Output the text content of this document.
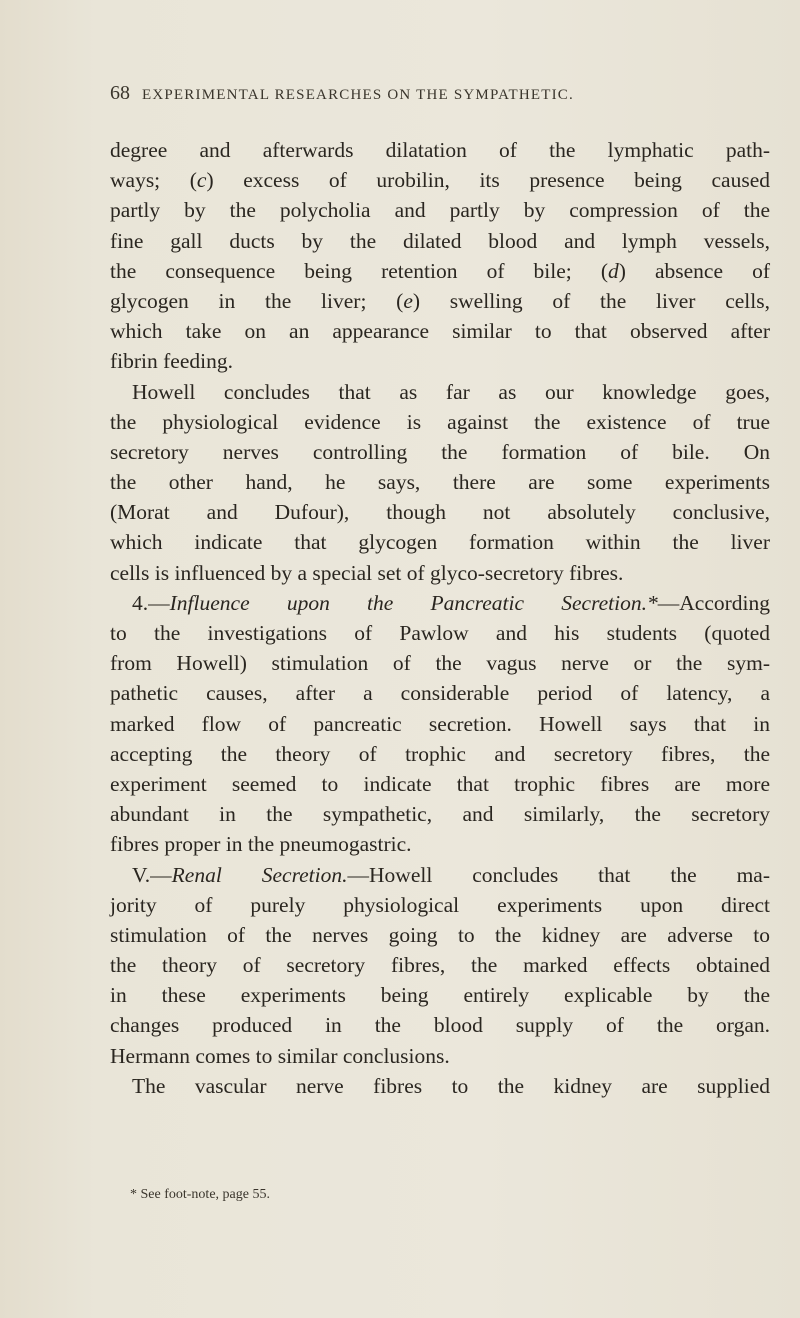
68 EXPERIMENTAL RESEARCHES ON THE SYMPATHETIC.
degree and afterwards dilatation of the lymphatic path-
ways; (c) excess of urobilin, its presence being caused
partly by the polycholia and partly by compression of the
fine gall ducts by the dilated blood and lymph vessels,
the consequence being retention of bile; (d) absence of
glycogen in the liver; (e) swelling of the liver cells,
which take on an appearance similar to that observed after
fibrin feeding.
Howell concludes that as far as our knowledge goes,
the physiological evidence is against the existence of true
secretory nerves controlling the formation of bile. On
the other hand, he says, there are some experiments
(Morat and Dufour), though not absolutely conclusive,
which indicate that glycogen formation within the liver
cells is influenced by a special set of glyco-secretory fibres.
4.—Influence upon the Pancreatic Secretion.*—According
to the investigations of Pawlow and his students (quoted
from Howell) stimulation of the vagus nerve or the sym-
pathetic causes, after a considerable period of latency, a
marked flow of pancreatic secretion. Howell says that in
accepting the theory of trophic and secretory fibres, the
experiment seemed to indicate that trophic fibres are more
abundant in the sympathetic, and similarly, the secretory
fibres proper in the pneumogastric.
V.—Renal Secretion.—Howell concludes that the ma-
jority of purely physiological experiments upon direct
stimulation of the nerves going to the kidney are adverse to
the theory of secretory fibres, the marked effects obtained
in these experiments being entirely explicable by the
changes produced in the blood supply of the organ.
Hermann comes to similar conclusions.
The vascular nerve fibres to the kidney are supplied
* See foot-note, page 55.
